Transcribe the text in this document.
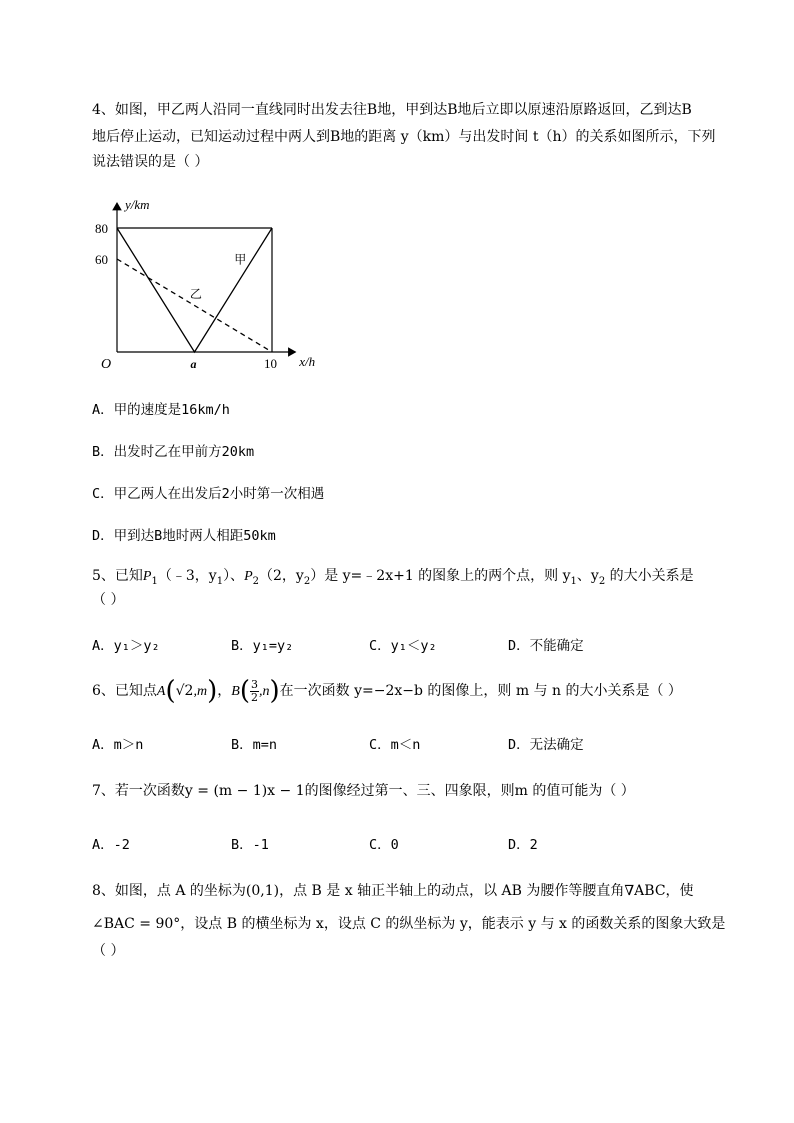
4、如图，甲乙两人沿同一直线同时出发去往B地，甲到达B地后立即以原速沿原路返回，乙到达B
地后停止运动，已知运动过程中两人到B地的距离 y（km）与出发时间 t（h）的关系如图所示，下列
说法错误的是（ ）
y/km
x/h
O
80
60
a	10
甲
乙
A．甲的速度是16km/h
B．出发时乙在甲前方20km
C．甲乙两人在出发后2小时第一次相遇
D．甲到达B地时两人相距50km
5、已知$P_1(﹣3$，$y_1$）、$P_2(2$，$y_2$）是 y=﹣2x+1 的图象上的两个点，则 $y_1$、$y_2$ 的大小关系是
（ ）
A．y₁＞y₂	B．y₁=y₂	C．y₁＜y₂	D．不能确定
6、已知点A(√2,m)，$B( \frac{3}{2} ,n)$在一次函数 y=−2x−b 的图像上，则 m 与 n 的大小关系是（ ）
A．m＞n	B．m=n	C．m＜n	D．无法确定
7、若一次函数y = (m − 1)x − 1的图像经过第一、三、四象限，则m 的值可能为（ ）
A．-2	B．-1	C．0	D．2
8、如图，点 A 的坐标为(0,1)，点 B 是 x 轴正半轴上的动点，以 AB 为腰作等腰直角∇ABC，使
∠BAC = 90°，设点 B 的横坐标为 x，设点 C 的纵坐标为 y，能表示 y 与 x 的函数关系的图象大致是
（ ）
